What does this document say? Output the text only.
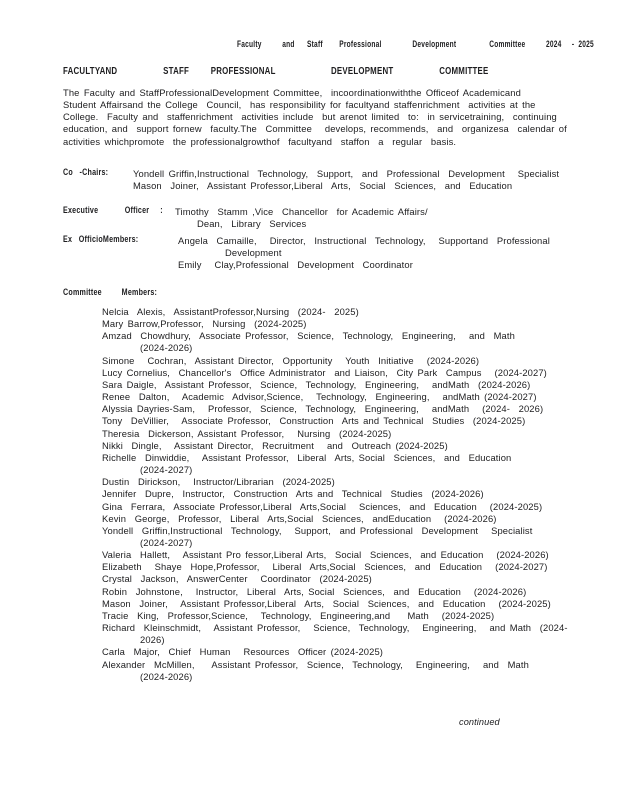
Faculty          and      Staff        Professional               Development                Committee          2024     -  2025
FACULTYAND                   STAFF         PROFESSIONAL                       DEVELOPMENT                   COMMITTEE
The Faculty and StaffProfessionalDevelopment Committee,  incoordinationwiththe Officeof Academicand
Student Affairsand the College  Council,  has responsibility for facultyand staffenrichment  activities at the
College.  Faculty and  staffenrichment  activities include  but arenot limited  to:  in servicetraining,  continuing
education, and  support fornew  faculty.The  Committee   develops, recommends,  and  organizesa  calendar of
activities whichpromote  the professionalgrowthof  facultyand  staffon  a  regular  basis.
Co   -Chairs:	Yondell Griffin,Instructional  Technology,  Support,  and  Professional  Development   Specialist
Mason  Joiner,  Assistant Professor,Liberal  Arts,  Social  Sciences,  and  Education
Executive            Officer     :	Timothy  Stamm ,Vice  Chancellor  for Academic Affairs/
Dean,  Library  Services
Ex   OfficioMembers:	Angela  Camaille,   Director,  Instructional  Technology,   Supportand  Professional
Development
Emily   Clay,Professional  Development  Coordinator
Committee         Members:
Nelcia  Alexis,  AssistantProfessor,Nursing  (2024-  2025)
Mary Barrow,Professor,  Nursing  (2024-2025)
Amzad  Chowdhury,  Associate Professor,  Science,  Technology,  Engineering,   and  Math
(2024-2026)
Simone   Cochran,  Assistant Director,  Opportunity   Youth  Initiative   (2024-2026)
Lucy Cornelius,  Chancellor's  Office Administrator  and Liaison,  City Park  Campus   (2024-2027)
Sara Daigle,  Assistant Professor,  Science,  Technology,  Engineering,   andMath  (2024-2026)
Renee  Dalton,   Academic  Advisor,Science,   Technology,  Engineering,   andMath (2024-2027)
Alyssia Dayries-Sam,   Professor,  Science,  Technology,  Engineering,   andMath   (2024-  2026)
Tony  DeVillier,   Associate Professor,  Construction  Arts and Technical  Studies  (2024-2025)
Theresia  Dickerson, Assistant Professor,   Nursing  (2024-2025)
Nikki  Dingle,   Assistant Director,  Recruitment   and  Outreach (2024-2025)
Richelle  Dinwiddie,   Assistant Professor,  Liberal  Arts, Social  Sciences,  and  Education
(2024-2027)
Dustin  Dirickson,   Instructor/Librarian  (2024-2025)
Jennifer  Dupre,  Instructor,  Construction  Arts and  Technical  Studies  (2024-2026)
Gina  Ferrara,  Associate Professor,Liberal  Arts,Social   Sciences,  and  Education   (2024-2025)
Kevin  George,  Professor,  Liberal  Arts,Social  Sciences,  andEducation   (2024-2026)
Yondell  Griffin,Instructional  Technology,   Support,  and Professional  Development   Specialist
(2024-2027)
Valeria  Hallett,   Assistant Pro fessor,Liberal Arts,  Social  Sciences,  and Education   (2024-2026)
Elizabeth   Shaye  Hope,Professor,   Liberal  Arts,Social  Sciences,  and  Education   (2024-2027)
Crystal  Jackson,  AnswerCenter   Coordinator  (2024-2025)
Robin  Johnstone,   Instructor,  Liberal  Arts, Social  Sciences,  and  Education   (2024-2026)
Mason  Joiner,   Assistant Professor,Liberal  Arts,  Social  Sciences,  and  Education   (2024-2025)
Tracie  King,  Professor,Science,   Technology,  Engineering,and    Math   (2024-2025)
Richard  Kleinschmidt,   Assistant Professor,   Science,  Technology,   Engineering,   and Math  (2024-
2026)
Carla  Major,  Chief  Human   Resources  Officer (2024-2025)
Alexander  McMillen,    Assistant Professor,  Science,  Technology,   Engineering,   and  Math
(2024-2026)
continued
